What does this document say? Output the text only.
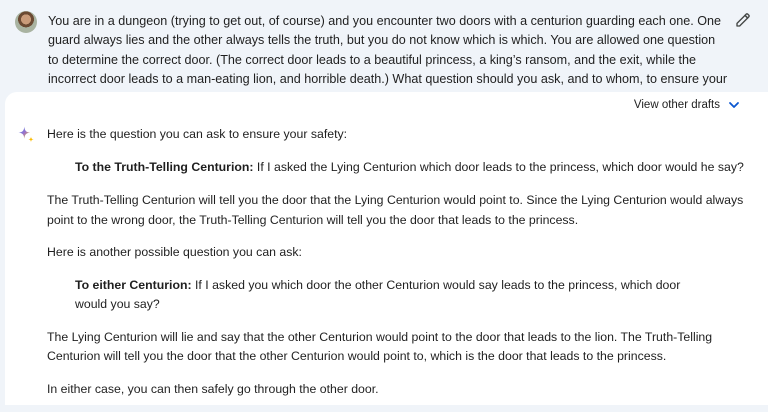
You are in a dungeon (trying to get out, of course) and you encounter two doors with a centurion guarding each one. One guard always lies and the other always tells the truth, but you do not know which is which. You are allowed one question to determine the correct door. (The correct door leads to a beautiful princess, a king’s ransom, and the exit, while the incorrect door leads to a man-eating lion, and horrible death.) What question should you ask, and to whom, to ensure your
View other drafts

Here is the question you can ask to ensure your safety:

To the Truth-Telling Centurion: If I asked the Lying Centurion which door leads to the princess, which door would he say?

The Truth-Telling Centurion will tell you the door that the Lying Centurion would point to. Since the Lying Centurion would always point to the wrong door, the Truth-Telling Centurion will tell you the door that leads to the princess.

Here is another possible question you can ask:

To either Centurion: If I asked you which door the other Centurion would say leads to the princess, which door would you say?

The Lying Centurion will lie and say that the other Centurion would point to the door that leads to the lion. The Truth-Telling Centurion will tell you the door that the other Centurion would point to, which is the door that leads to the princess.

In either case, you can then safely go through the other door.
